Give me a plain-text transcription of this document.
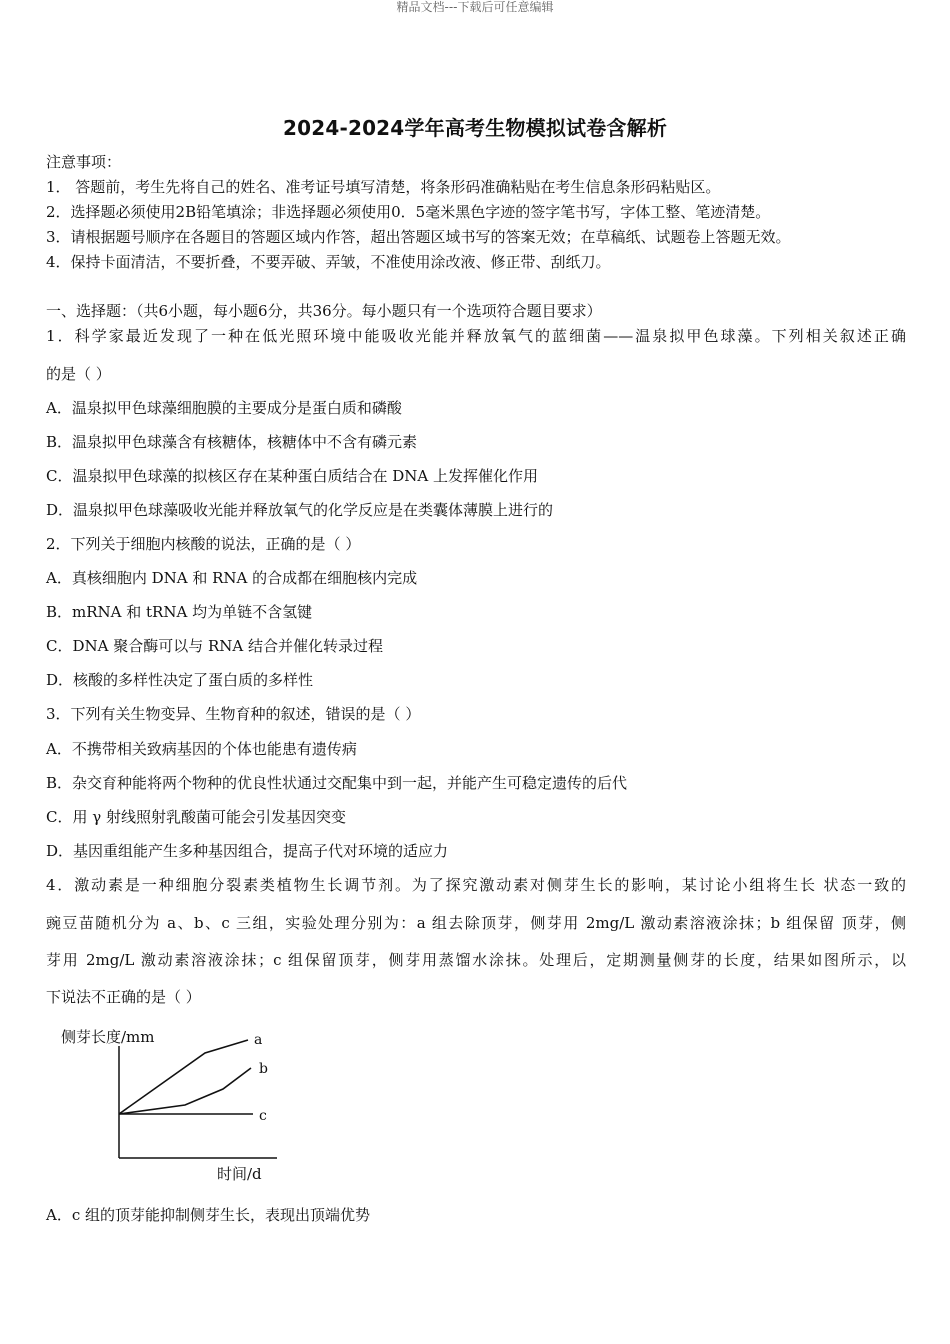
精品文档---下载后可任意编辑
2024-2024学年高考生物模拟试卷含解析
注意事项：
1． 答题前，考生先将自己的姓名、准考证号填写清楚，将条形码准确粘贴在考生信息条形码粘贴区。
2．选择题必须使用2B铅笔填涂；非选择题必须使用0．5毫米黑色字迹的签字笔书写，字体工整、笔迹清楚。
3．请根据题号顺序在各题目的答题区域内作答，超出答题区域书写的答案无效；在草稿纸、试题卷上答题无效。
4．保持卡面清洁，不要折叠，不要弄破、弄皱，不准使用涂改液、修正带、刮纸刀。
一、选择题：（共6小题，每小题6分，共36分。每小题只有一个选项符合题目要求）
1．科学家最近发现了一种在低光照环境中能吸收光能并释放氧气的蓝细菌——温泉拟甲色球藻。下列相关叙述正确
的是（ ）
A．温泉拟甲色球藻细胞膜的主要成分是蛋白质和磷酸
B．温泉拟甲色球藻含有核糖体，核糖体中不含有磷元素
C．温泉拟甲色球藻的拟核区存在某种蛋白质结合在 DNA 上发挥催化作用
D．温泉拟甲色球藻吸收光能并释放氧气的化学反应是在类囊体薄膜上进行的
2．下列关于细胞内核酸的说法，正确的是（ ）
A．真核细胞内 DNA 和 RNA 的合成都在细胞核内完成
B．mRNA 和 tRNA 均为单链不含氢键
C．DNA 聚合酶可以与 RNA 结合并催化转录过程
D．核酸的多样性决定了蛋白质的多样性
3．下列有关生物变异、生物育种的叙述，错误的是（ ）
A．不携带相关致病基因的个体也能患有遗传病
B．杂交育种能将两个物种的优良性状通过交配集中到一起，并能产生可稳定遗传的后代
C．用 γ 射线照射乳酸菌可能会引发基因突变
D．基因重组能产生多种基因组合，提高子代对环境的适应力
4．激动素是一种细胞分裂素类植物生长调节剂。为了探究激动素对侧芽生长的影响，某讨论小组将生长 状态一致的
豌豆苗随机分为 a、b、c 三组，实验处理分别为：a 组去除顶芽，侧芽用 2mg/L 激动素溶液涂抹；b 组保留 顶芽，侧
芽用 2mg/L 激动素溶液涂抹；c 组保留顶芽，侧芽用蒸馏水涂抹。处理后，定期测量侧芽的长度，结果如图所示，以
下说法不正确的是（ ）
侧芽长度/mm	a
b
c
时间/d
A．c 组的顶芽能抑制侧芽生长，表现出顶端优势
